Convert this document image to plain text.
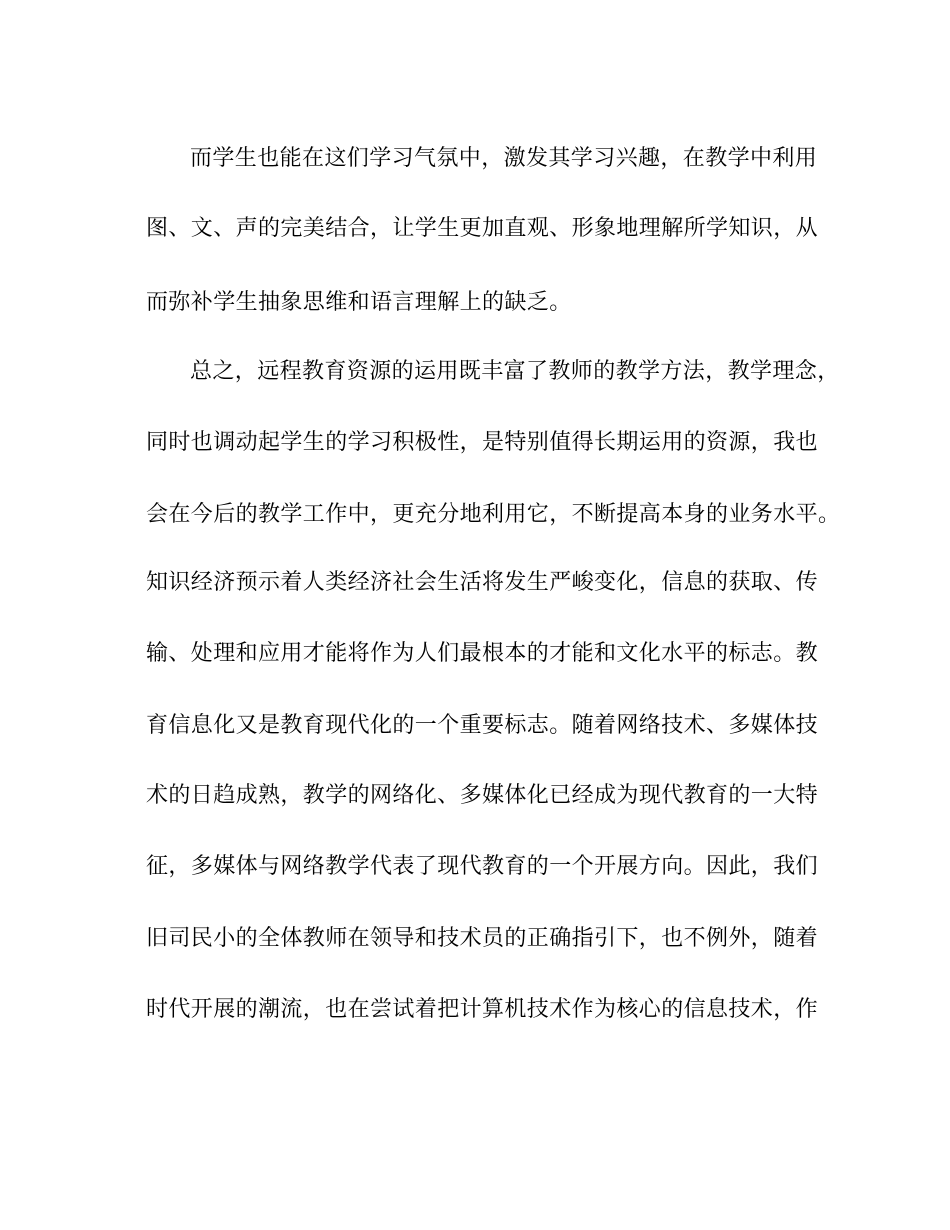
而学生也能在这们学习气氛中，激发其学习兴趣，在教学中利用
图、文、声的完美结合，让学生更加直观、形象地理解所学知识，从
而弥补学生抽象思维和语言理解上的缺乏。
总之，远程教育资源的运用既丰富了教师的教学方法，教学理念，
同时也调动起学生的学习积极性，是特别值得长期运用的资源，我也
会在今后的教学工作中，更充分地利用它，不断提高本身的业务水平。
知识经济预示着人类经济社会生活将发生严峻变化，信息的获取、传
输、处理和应用才能将作为人们最根本的才能和文化水平的标志。教
育信息化又是教育现代化的一个重要标志。随着网络技术、多媒体技
术的日趋成熟，教学的网络化、多媒体化已经成为现代教育的一大特
征，多媒体与网络教学代表了现代教育的一个开展方向。因此，我们
旧司民小的全体教师在领导和技术员的正确指引下，也不例外，随着
时代开展的潮流，也在尝试着把计算机技术作为核心的信息技术，作
